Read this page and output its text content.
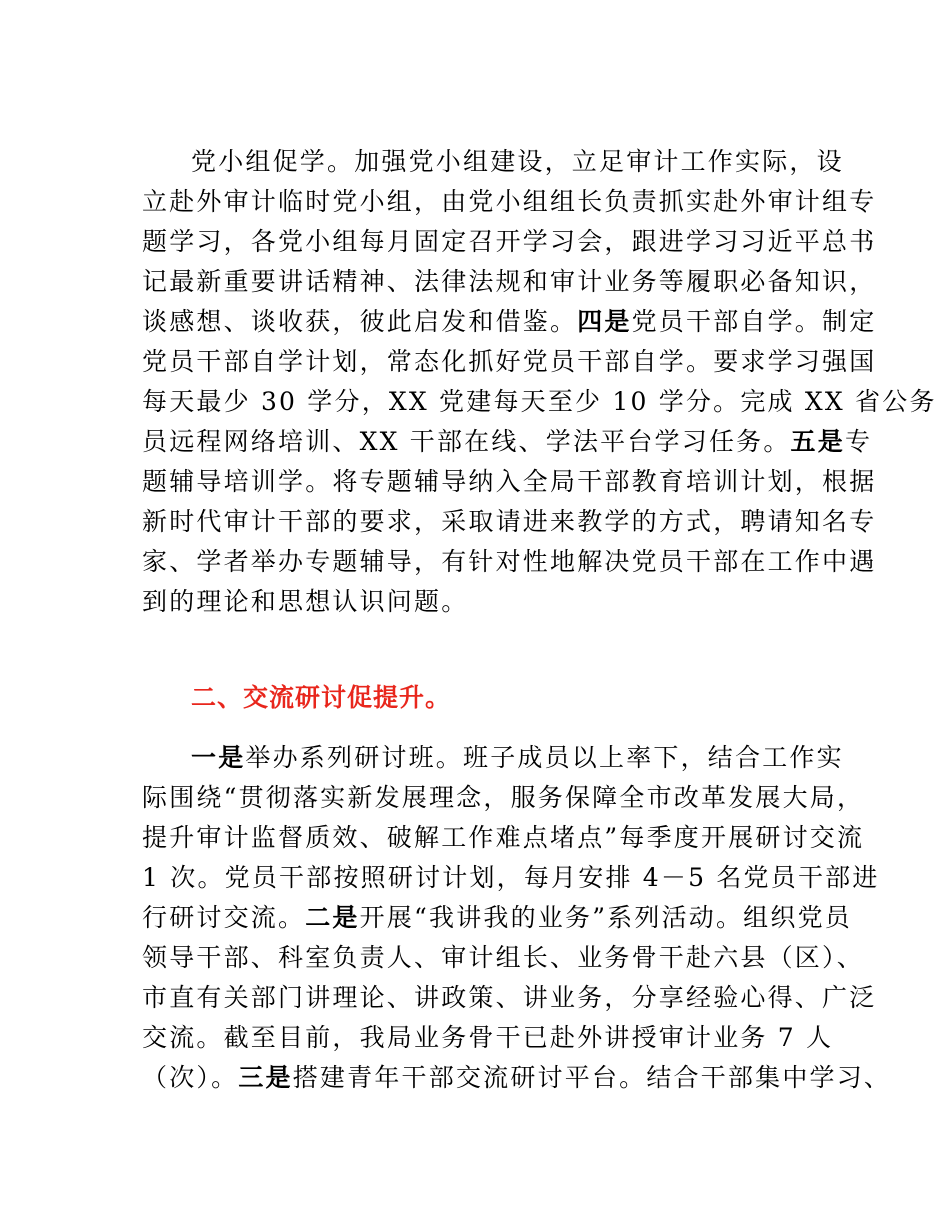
党小组促学。加强党小组建设，立足审计工作实际，设
立赴外审计临时党小组，由党小组组长负责抓实赴外审计组专
题学习，各党小组每月固定召开学习会，跟进学习习近平总书
记最新重要讲话精神、法律法规和审计业务等履职必备知识，
谈感想、谈收获，彼此启发和借鉴。四是党员干部自学。制定
党员干部自学计划，常态化抓好党员干部自学。要求学习强国
每天最少 30 学分，XX 党建每天至少 10 学分。完成 XX 省公务
员远程网络培训、XX 干部在线、学法平台学习任务。五是专
题辅导培训学。将专题辅导纳入全局干部教育培训计划，根据
新时代审计干部的要求，采取请进来教学的方式，聘请知名专
家、学者举办专题辅导，有针对性地解决党员干部在工作中遇
到的理论和思想认识问题。
二、交流研讨促提升。
一是举办系列研讨班。班子成员以上率下，结合工作实
际围绕“贯彻落实新发展理念，服务保障全市改革发展大局，
提升审计监督质效、破解工作难点堵点”每季度开展研讨交流
1 次。党员干部按照研讨计划，每月安排 4－5 名党员干部进
行研讨交流。二是开展“我讲我的业务”系列活动。组织党员
领导干部、科室负责人、审计组长、业务骨干赴六县（区）、
市直有关部门讲理论、讲政策、讲业务，分享经验心得、广泛
交流。截至目前，我局业务骨干已赴外讲授审计业务 7 人
（次）。三是搭建青年干部交流研讨平台。结合干部集中学习、
